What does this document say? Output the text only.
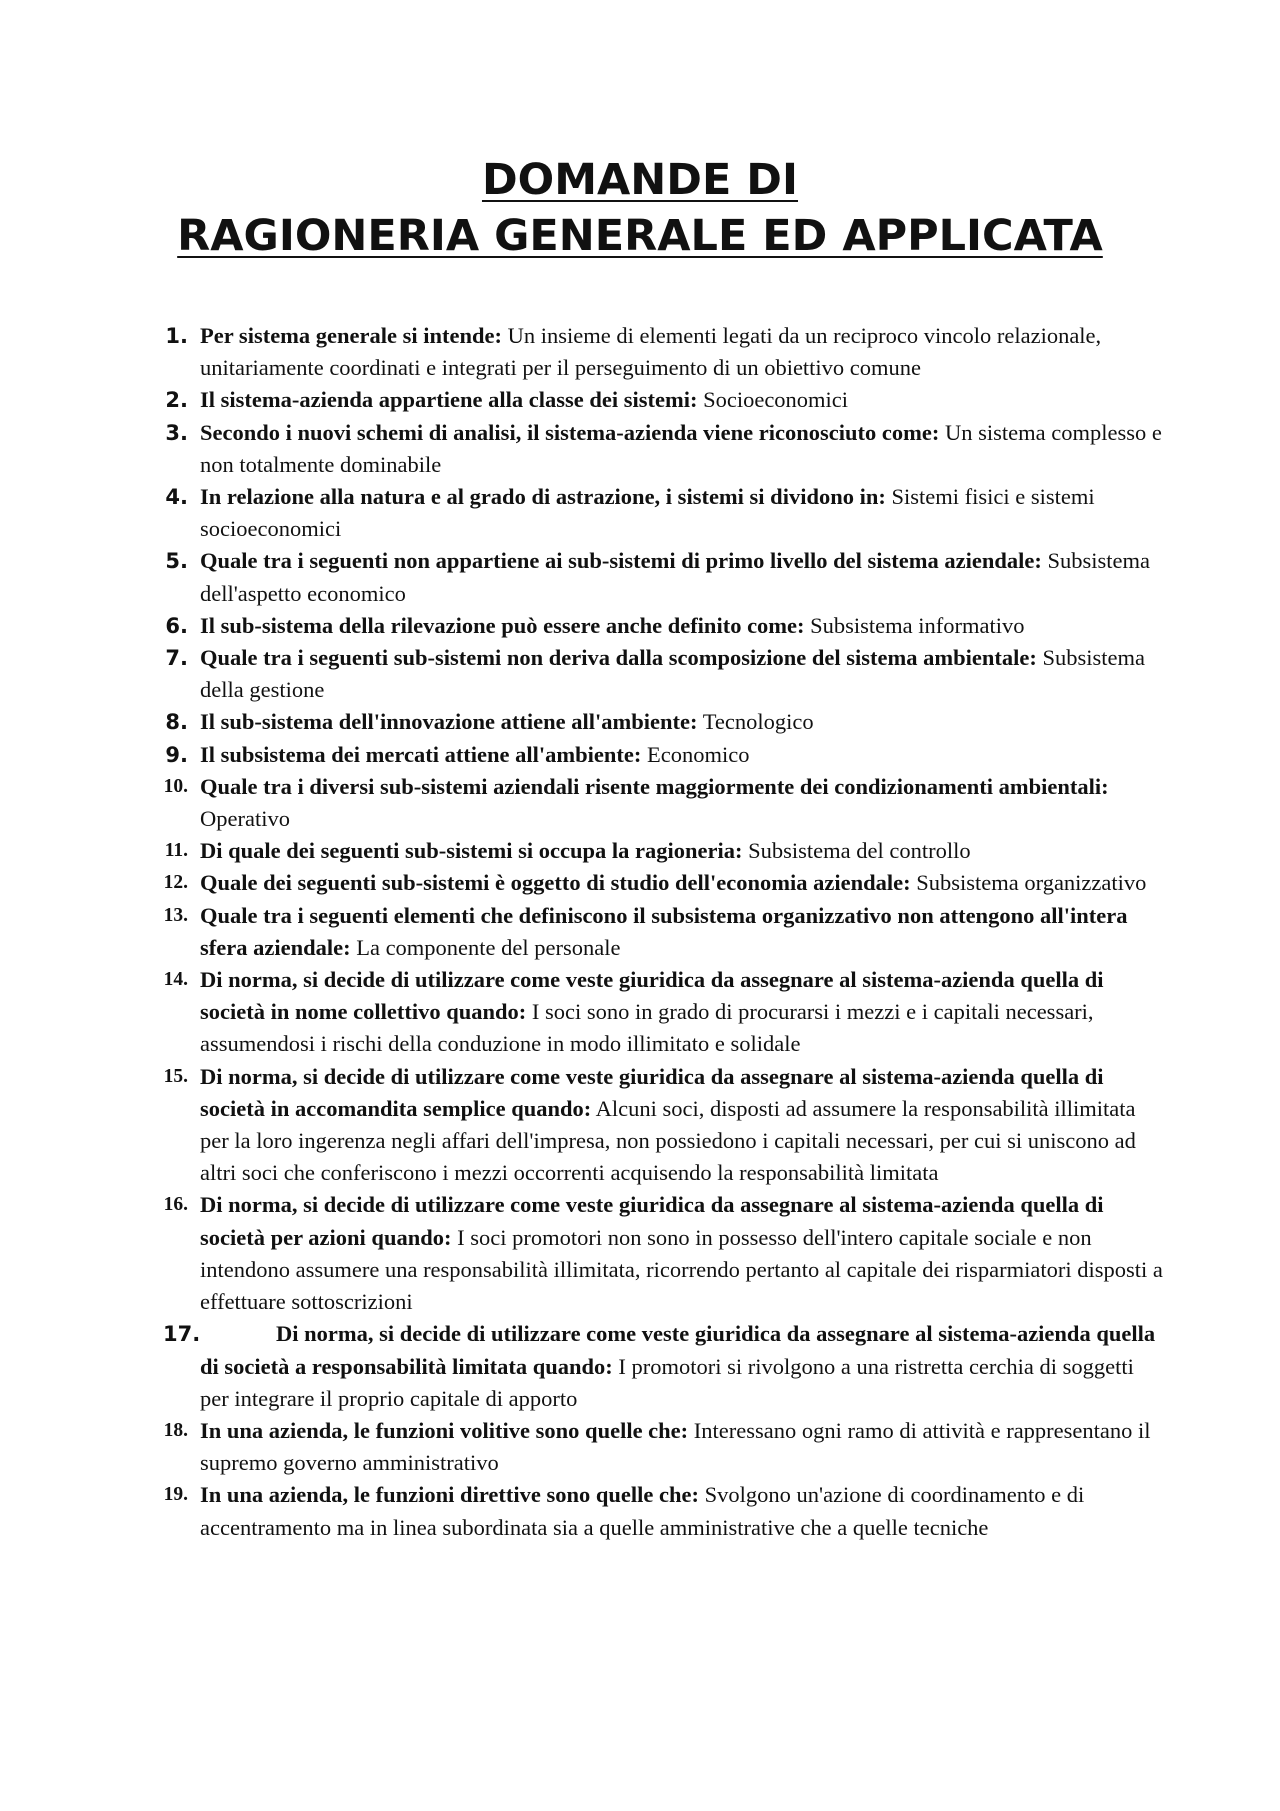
DOMANDE DI
RAGIONERIA GENERALE ED APPLICATA
1. Per sistema generale si intende: Un insieme di elementi legati da un reciproco vincolo relazionale, unitariamente coordinati e integrati per il perseguimento di un obiettivo comune
2. Il sistema-azienda appartiene alla classe dei sistemi: Socioeconomici
3. Secondo i nuovi schemi di analisi, il sistema-azienda viene riconosciuto come: Un sistema complesso e non totalmente dominabile
4. In relazione alla natura e al grado di astrazione, i sistemi si dividono in: Sistemi fisici e sistemi socioeconomici
5. Quale tra i seguenti non appartiene ai sub-sistemi di primo livello del sistema aziendale: Subsistema dell'aspetto economico
6. Il sub-sistema della rilevazione può essere anche definito come: Subsistema informativo
7. Quale tra i seguenti sub-sistemi non deriva dalla scomposizione del sistema ambientale: Subsistema della gestione
8. Il sub-sistema dell'innovazione attiene all'ambiente: Tecnologico
9. Il subsistema dei mercati attiene all'ambiente: Economico
10. Quale tra i diversi sub-sistemi aziendali risente maggiormente dei condizionamenti ambientali: Operativo
11. Di quale dei seguenti sub-sistemi si occupa la ragioneria: Subsistema del controllo
12. Quale dei seguenti sub-sistemi è oggetto di studio dell'economia aziendale: Subsistema organizzativo
13. Quale tra i seguenti elementi che definiscono il subsistema organizzativo non attengono all'intera sfera aziendale: La componente del personale
14. Di norma, si decide di utilizzare come veste giuridica da assegnare al sistema-azienda quella di società in nome collettivo quando: I soci sono in grado di procurarsi i mezzi e i capitali necessari, assumendosi i rischi della conduzione in modo illimitato e solidale
15. Di norma, si decide di utilizzare come veste giuridica da assegnare al sistema-azienda quella di società in accomandita semplice quando: Alcuni soci, disposti ad assumere la responsabilità illimitata per la loro ingerenza negli affari dell'impresa, non possiedono i capitali necessari, per cui si uniscono ad altri soci che conferiscono i mezzi occorrenti acquisendo la responsabilità limitata
16. Di norma, si decide di utilizzare come veste giuridica da assegnare al sistema-azienda quella di società per azioni quando: I soci promotori non sono in possesso dell'intero capitale sociale e non intendono assumere una responsabilità illimitata, ricorrendo pertanto al capitale dei risparmiatori disposti a effettuare sottoscrizioni
17.	Di norma, si decide di utilizzare come veste giuridica da assegnare al sistema-azienda quella di società a responsabilità limitata quando: I promotori si rivolgono a una ristretta cerchia di soggetti per integrare il proprio capitale di apporto
18. In una azienda, le funzioni volitive sono quelle che: Interessano ogni ramo di attività e rappresentano il supremo governo amministrativo
19. In una azienda, le funzioni direttive sono quelle che: Svolgono un'azione di coordinamento e di accentramento ma in linea subordinata sia a quelle amministrative che a quelle tecniche
